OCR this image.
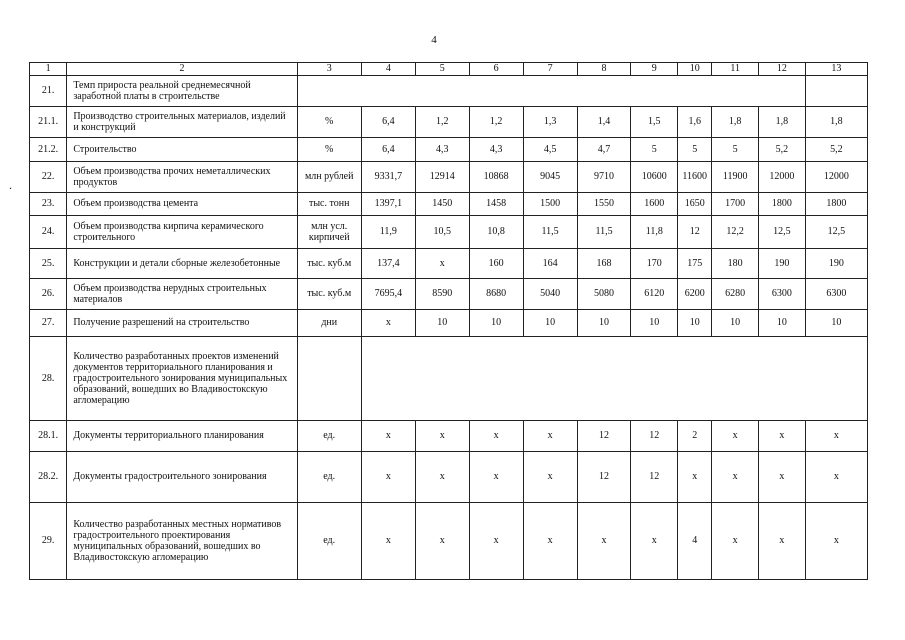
4
.
1	2	3	4	5	6	7	8	9	10	11	12	13
21.	Темп прироста реальной среднемесячной заработной платы в строительстве											
21.1.	Производство строительных материалов, изделий и конструкций	%	6,4	1,2	1,2	1,3	1,4	1,5	1,6	1,8	1,8	1,8
21.2.	Строительство	%	6,4	4,3	4,3	4,5	4,7	5	5	5	5,2	5,2
22.	Объем производства прочих неметаллических продуктов	млн рублей	9331,7	12914	10868	9045	9710	10600	11600	11900	12000	12000
23.	Объем производства цемента	тыс. тонн	1397,1	1450	1458	1500	1550	1600	1650	1700	1800	1800
24.	Объем производства кирпича керамического строительного	млн усл. кирпичей	11,9	10,5	10,8	11,5	11,5	11,8	12	12,2	12,5	12,5
25.	Конструкции и детали сборные железобетонные	тыс. куб.м	137,4	х	160	164	168	170	175	180	190	190
26.	Объем производства нерудных строительных материалов	тыс. куб.м	7695,4	8590	8680	5040	5080	6120	6200	6280	6300	6300
27.	Получение разрешений на строительство	дни	х	10	10	10	10	10	10	10	10	10
28.	Количество разработанных проектов изменений документов территориального планирования и градостроительного зонирования муниципальных образований, вошедших во Владивостокскую агломерацию											
28.1.	Документы территориального планирования	ед.	х	х	х	х	12	12	2	х	х	х
28.2.	Документы градостроительного зонирования	ед.	х	х	х	х	12	12	х	х	х	х
29.	Количество разработанных местных нормативов градостроительного проектирования муниципальных образований, вошедших во Владивостокскую агломерацию	ед.	х	х	х	х	х	х	4	х	х	х
